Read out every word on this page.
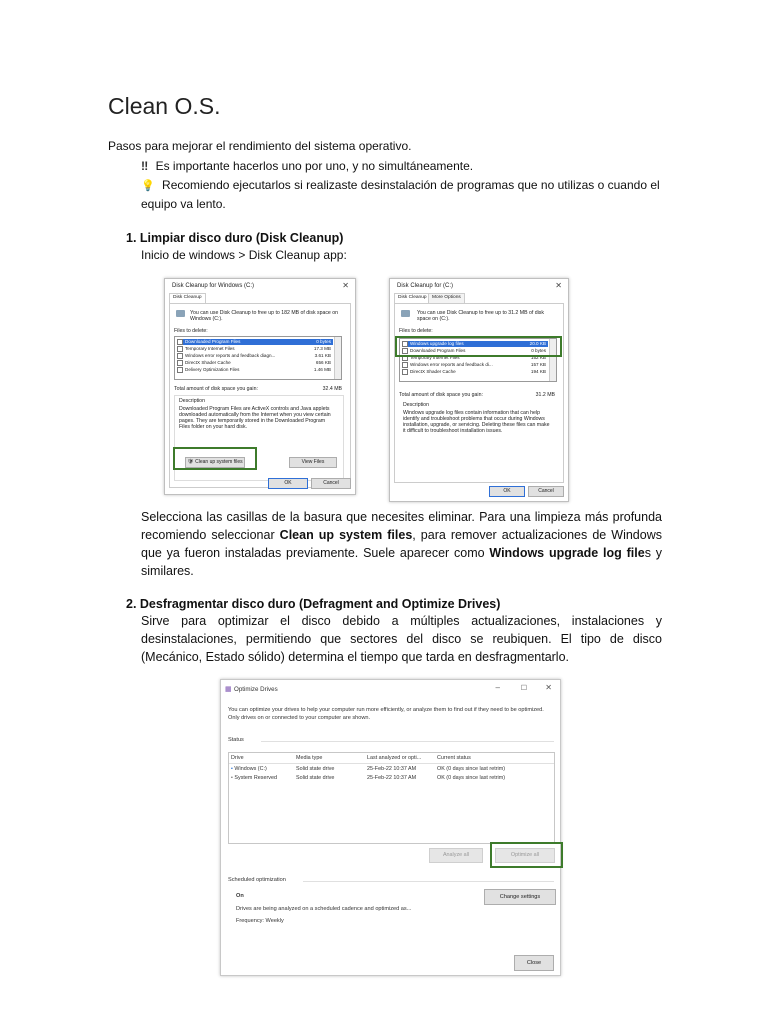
Clean O.S.
Pasos para mejorar el rendimiento del sistema operativo.
‼ Es importante hacerlos uno por uno, y no simultáneamente.
💡 Recomiendo ejecutarlos si realizaste desinstalación de programas que no utilizas o cuando el equipo va lento.
1. Limpiar disco duro (Disk Cleanup)
Inicio de windows > Disk Cleanup app:
Disk Cleanup for Windows (C:)	✕
Disk Cleanup
You can use Disk Cleanup to free up to 182 MB of disk space on Windows (C:).
Files to delete:
Downloaded Program Files	0 bytes
Temporary Internet Files	17.3 MB
Windows error reports and feedback diagn...	3.61 KB
DirectX Shader Cache	656 KB
Delivery Optimization Files	1.46 MB
Total amount of disk space you gain:	32.4 MB
Description
Downloaded Program Files are ActiveX controls and Java applets downloaded automatically from the Internet when you view certain pages. They are temporarily stored in the Downloaded Program Files folder on your hard disk.
🛡 Clean up system files	View Files
OK	Cancel
Disk Cleanup for (C:)	✕
Disk Cleanup	More Options
You can use Disk Cleanup to free up to 31.2 MB of disk space on (C:).
Files to delete:
Windows upgrade log files	20.0 KB
Downloaded Program Files	0 bytes
Temporary Internet Files	152 KB
Windows error reports and feedback di...	157 KB
DirectX Shader Cache	194 KB
Total amount of disk space you gain:	31.2 MB
Description
Windows upgrade log files contain information that can help identify and troubleshoot problems that occur during Windows installation, upgrade, or servicing. Deleting these files can make it difficult to troubleshoot installation issues.
OK	Cancel
Selecciona las casillas de la basura que necesites eliminar. Para una limpieza más profunda recomiendo seleccionar Clean up system files, para remover actualizaciones de Windows que ya fueron instaladas previamente. Suele aparecer como Windows upgrade log files y similares.
2. Desfragmentar disco duro (Defragment and Optimize Drives)
Sirve para optimizar el disco debido a múltiples actualizaciones, instalaciones y desinstalaciones, permitiendo que sectores del disco se reubiquen. El tipo de disco (Mecánico, Estado sólido) determina el tiempo que tarda en desfragmentarlo.
▦ Optimize Drives	–	☐ ✕
You can optimize your drives to help your computer run more efficiently, or analyze them to find out if they need to be optimized. Only drives on or connected to your computer are shown.
Status
Drive	Media type	Last analyzed or opti...	Current status
▪ Windows (C:)	Solid state drive	25-Feb-22 10:37 AM	OK (0 days since last retrim)
▪ System Reserved	Solid state drive	25-Feb-22 10:37 AM	OK (0 days since last retrim)
Analyze all	Optimize all
Scheduled optimization
On
Drives are being analyzed on a scheduled cadence and optimized as...
Frequency: Weekly
Change settings
Close
